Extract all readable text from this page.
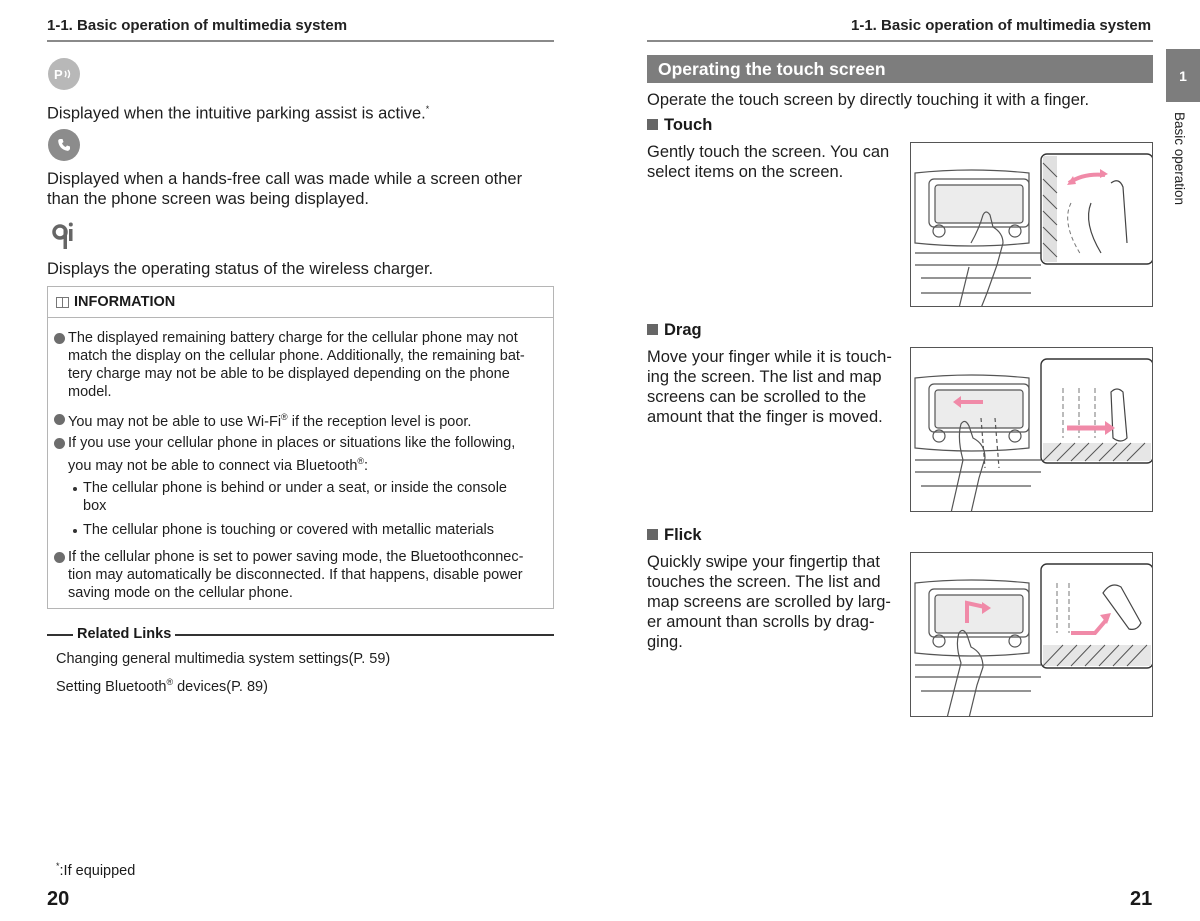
1-1. Basic operation of multimedia system
P
Displayed when the intuitive parking assist is active.*
Displayed when a hands-free call was made while a screen other
than the phone screen was being displayed.
Displays the operating status of the wireless charger.
INFORMATION
The displayed remaining battery charge for the cellular phone may not
match the display on the cellular phone. Additionally, the remaining bat-
tery charge may not be able to be displayed depending on the phone
model.
You may not be able to use Wi-Fi® if the reception level is poor.
If you use your cellular phone in places or situations like the following,
you may not be able to connect via Bluetooth®:
The cellular phone is behind or under a seat, or inside the console
box
The cellular phone is touching or covered with metallic materials
If the cellular phone is set to power saving mode, the Bluetoothconnec-
tion may automatically be disconnected. If that happens, disable power
saving mode on the cellular phone.
Related Links
Changing general multimedia system settings(P. 59)
Setting Bluetooth® devices(P. 89)
*:If equipped
20
1-1. Basic operation of multimedia system
Operating the touch screen
Operate the touch screen by directly touching it with a finger.
Touch
Gently touch the screen. You can
select items on the screen.
Drag
Move your finger while it is touch-
ing the screen. The list and map
screens can be scrolled to the
amount that the finger is moved.
Flick
Quickly swipe your fingertip that
touches the screen. The list and
map screens are scrolled by larg-
er amount than scrolls by drag-
ging.
1
Basic operation
21
